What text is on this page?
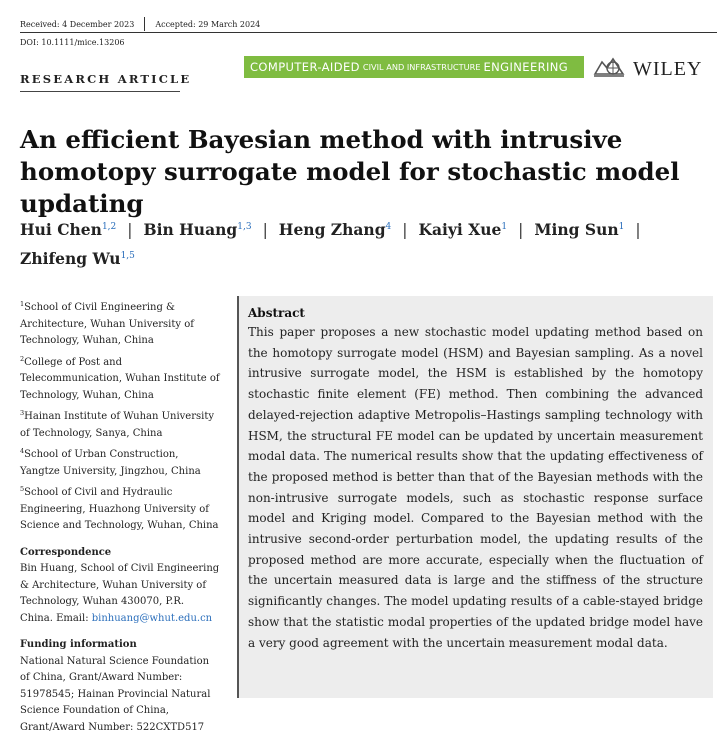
Received: 4 December 2023	Accepted: 29 March 2024
DOI: 10.1111/mice.13206
RESEARCH ARTICLE
COMPUTER-AIDED CIVIL AND INFRASTRUCTURE ENGINEERING	WILEY
An efficient Bayesian method with intrusive homotopy surrogate model for stochastic model updating
Hui Chen$^{1,2}$ | Bin Huang$^{1,3}$ | Heng Zhang$^4$ | Kaiyi Xue$^1$ | Ming Sun$^1$ |
Zhifeng Wu$^{1,5}$
$^1$School of Civil Engineering & Architecture, Wuhan University of Technology, Wuhan, China
$^2$College of Post and Telecommunication, Wuhan Institute of Technology, Wuhan, China
$^3$Hainan Institute of Wuhan University of Technology, Sanya, China
$^4$School of Urban Construction, Yangtze University, Jingzhou, China
$^5$School of Civil and Hydraulic Engineering, Huazhong University of Science and Technology, Wuhan, China
Correspondence
Bin Huang, School of Civil Engineering & Architecture, Wuhan University of Technology, Wuhan 430070, P.R. China. Email: binhuang@whut.edu.cn
Funding information
National Natural Science Foundation of China, Grant/Award Number: 51978545; Hainan Provincial Natural Science Foundation of China, Grant/Award Number: 522CXTD517
Abstract

This paper proposes a new stochastic model updating method based on the homotopy surrogate model (HSM) and Bayesian sampling. As a novel intrusive surrogate model, the HSM is established by the homotopy stochastic finite element (FE) method. Then combining the advanced delayed-rejection adaptive Metropolis–Hastings sampling technology with HSM, the structural FE model can be updated by uncertain measurement modal data. The numerical results show that the updating effectiveness of the proposed method is better than that of the Bayesian methods with the non-intrusive surrogate models, such as stochastic response surface model and Kriging model. Compared to the Bayesian method with the intrusive second-order perturbation model, the updating results of the proposed method are more accurate, especially when the fluctuation of the uncertain measured data is large and the stiffness of the structure significantly changes. The model updating results of a cable-stayed bridge show that the statistic modal properties of the updated bridge model have a very good agreement with the uncertain measurement modal data.
